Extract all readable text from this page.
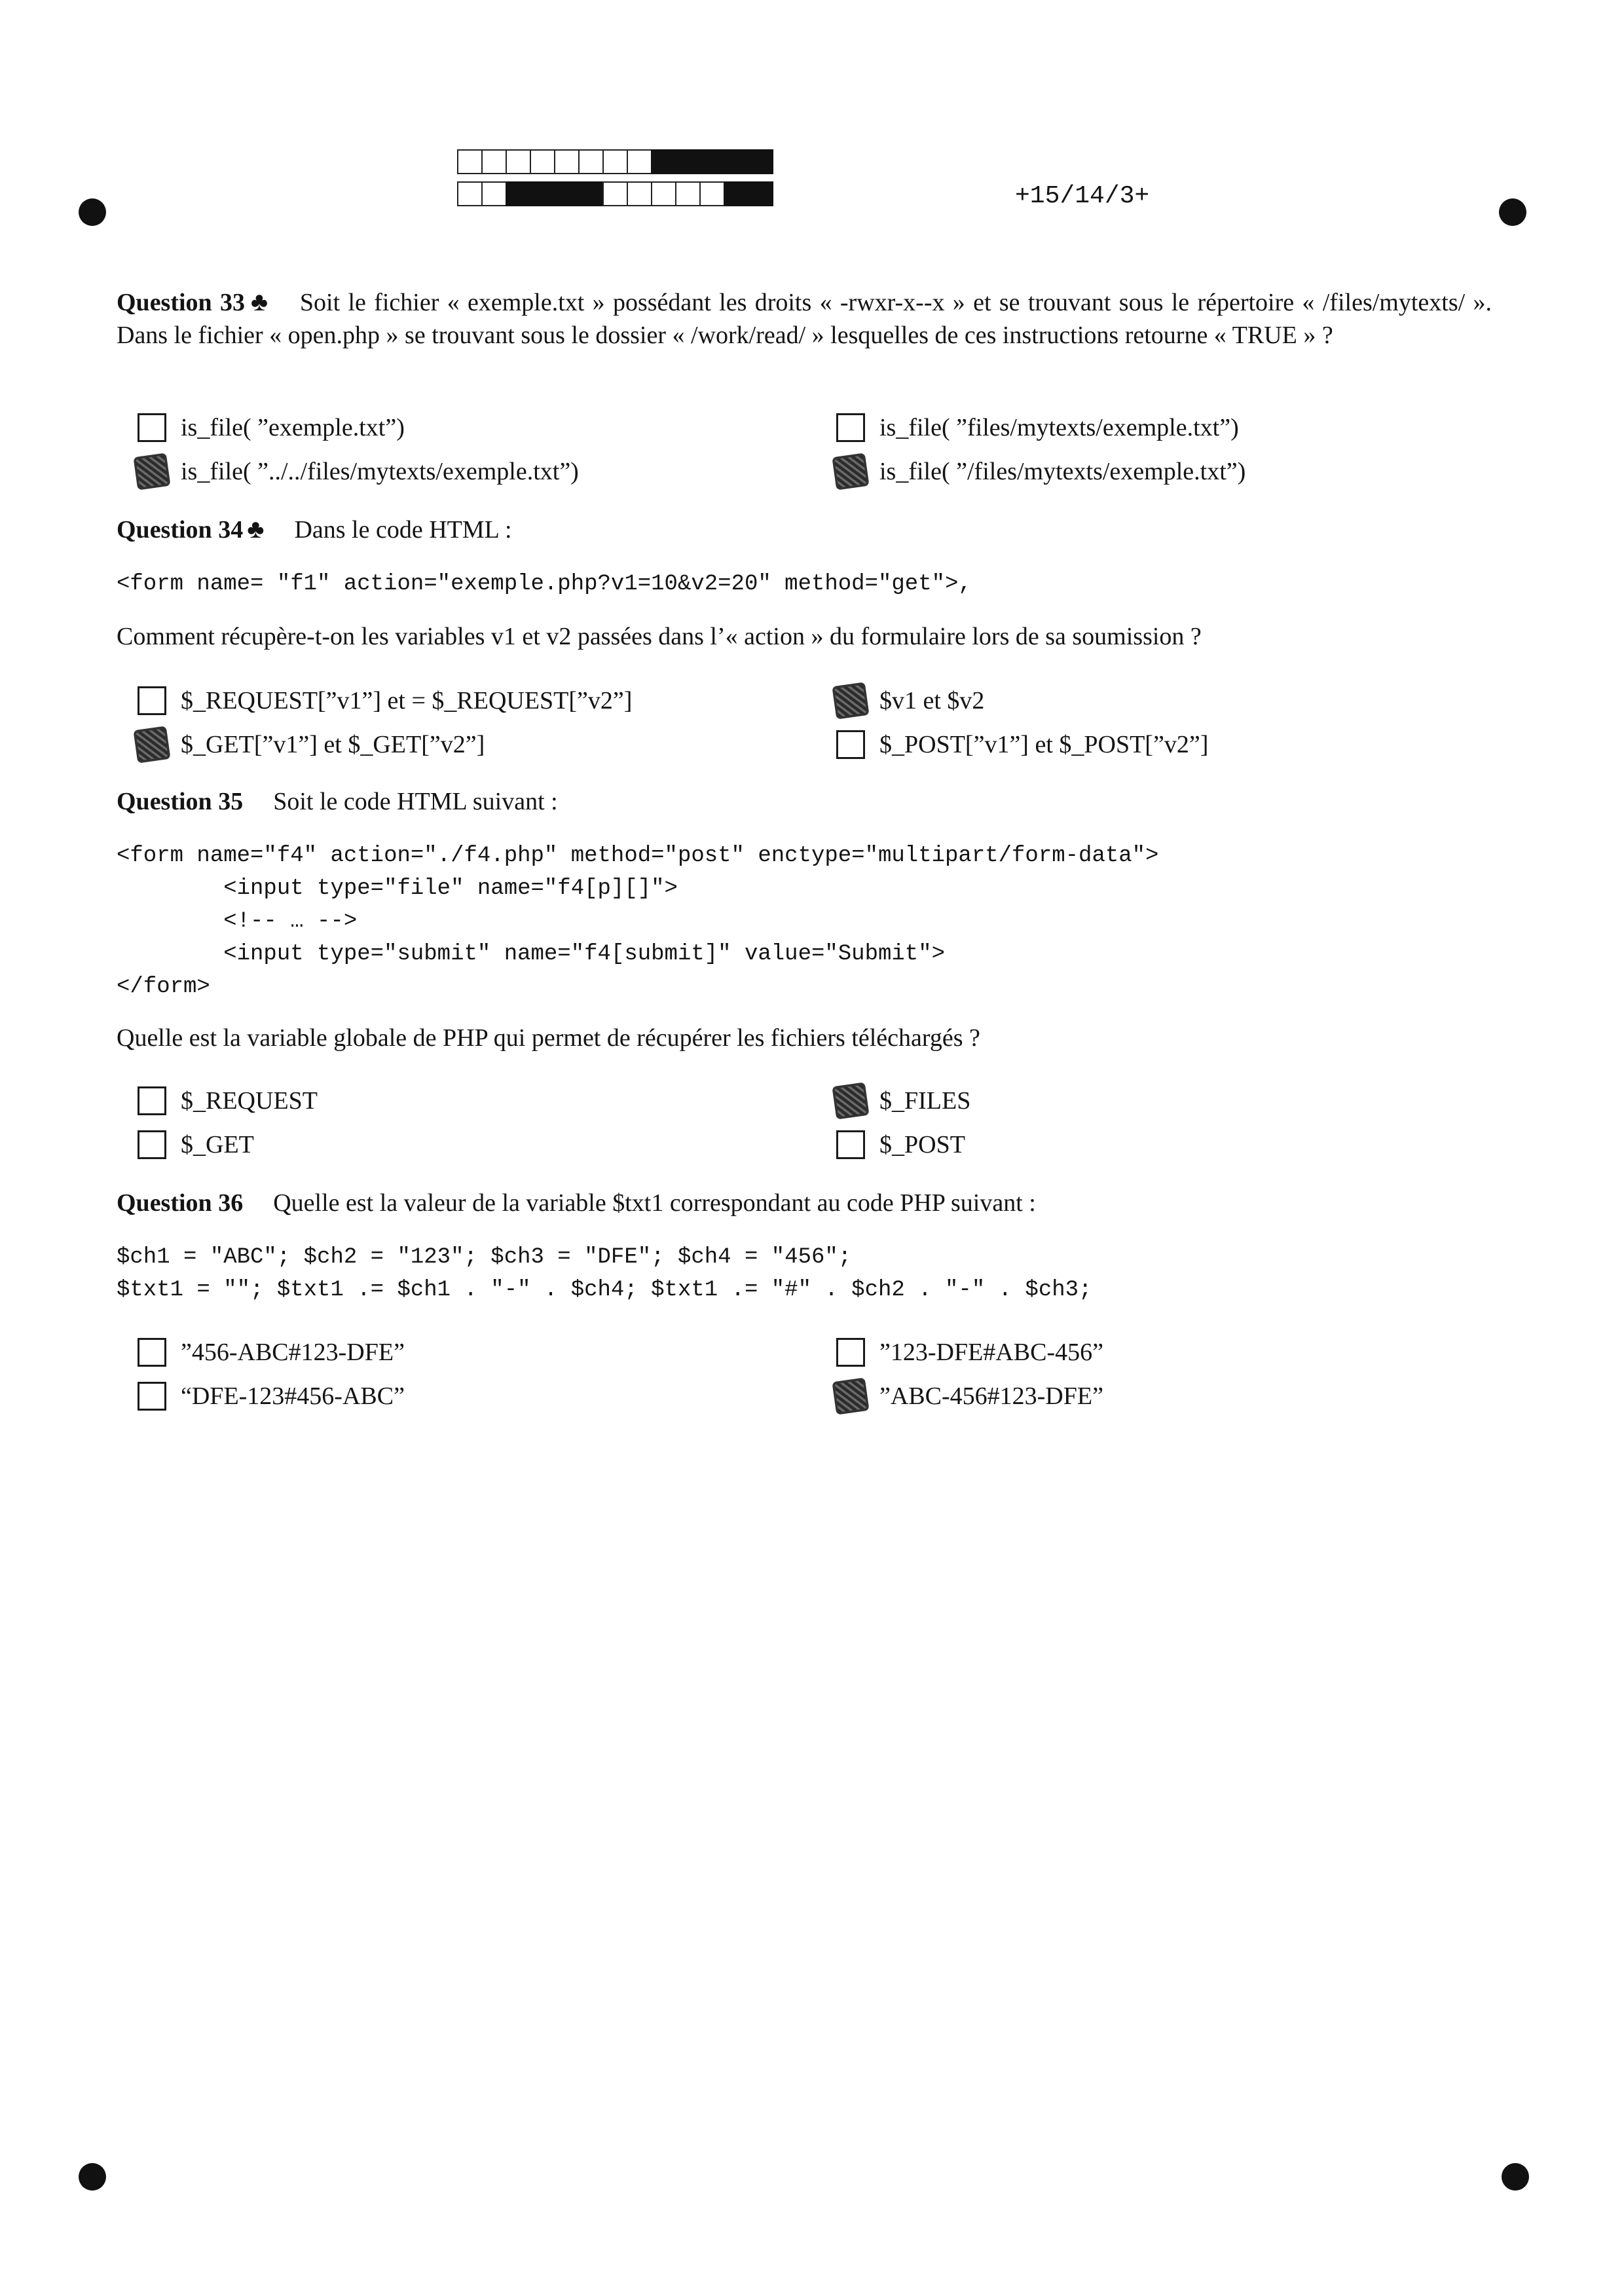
+15/14/3+

Question 33 ♣ Soit le fichier « exemple.txt » possédant les droits « -rwxr-x--x » et se trouvant sous le répertoire « /files/mytexts/ ». Dans le fichier « open.php » se trouvant sous le dossier « /work/read/ » lesquelles de ces instructions retourne « TRUE » ?

is_file( ”exemple.txt”)	is_file( ”files/mytexts/exemple.txt”)
is_file( ”../../files/mytexts/exemple.txt”)	is_file( ”/files/mytexts/exemple.txt”)

Question 34 ♣ Dans le code HTML :

<form name= "f1" action="exemple.php?v1=10&v2=20" method="get">,

Comment récupère-t-on les variables v1 et v2 passées dans l’« action » du formulaire lors de sa soumission ?

$_REQUEST[”v1”] et = $_REQUEST[”v2”]	$v1 et $v2
$_GET[”v1”] et $_GET[”v2”]	$_POST[”v1”] et $_POST[”v2”]

Question 35 Soit le code HTML suivant :

<form name="f4" action="./f4.php" method="post" enctype="multipart/form-data">
<input type="file" name="f4[p][]">
<!-- … -->
<input type="submit" name="f4[submit]" value="Submit">
</form>

Quelle est la variable globale de PHP qui permet de récupérer les fichiers téléchargés ?

$_REQUEST	$_FILES
$_GET	$_POST

Question 36 Quelle est la valeur de la variable $txt1 correspondant au code PHP suivant :

$ch1 = "ABC"; $ch2 = "123"; $ch3 = "DFE"; $ch4 = "456";
$txt1 = ""; $txt1 .= $ch1 . "-" . $ch4; $txt1 .= "#" . $ch2 . "-" . $ch3;
”456-ABC#123-DFE”	”123-DFE#ABC-456”
“DFE-123#456-ABC”	”ABC-456#123-DFE”
